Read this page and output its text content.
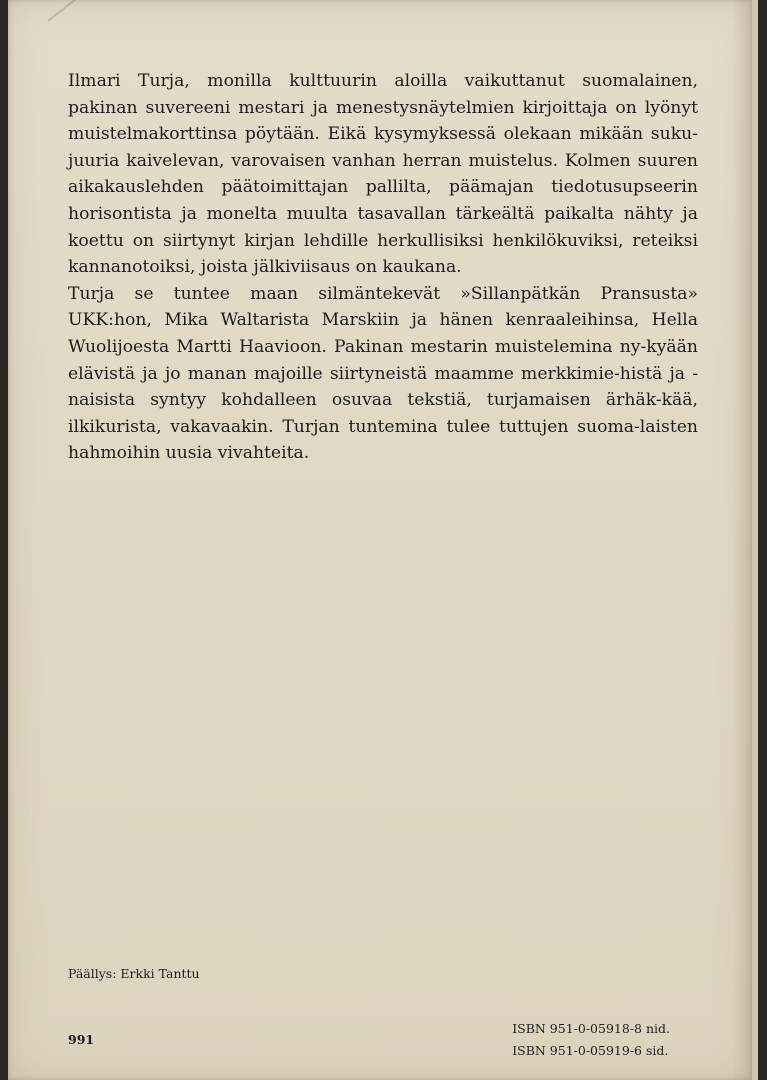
Ilmari Turja, monilla kulttuurin aloilla vaikuttanut suomalainen, pakinan suvereeni mestari ja menestysnäytelmien kirjoittaja on lyönyt muistelmakorttinsa pöytään. Eikä kysymyksessä olekaan mikään suku-juuria kaivelevan, varovaisen vanhan herran muistelus. Kolmen suuren aikakauslehden päätoimittajan pallilta, päämajan tiedotusupseerin horisontista ja monelta muulta tasavallan tärkeältä paikalta nähty ja koettu on siirtynyt kirjan lehdille herkullisiksi henkilökuviksi, reteiksi kannanotoiksi, joista jälkiviisaus on kaukana.

Turja se tuntee maan silmäntekevät »Sillanpätkän Pransusta» UKK:hon, Mika Waltarista Marskiin ja hänen kenraaleihinsa, Hella Wuolijoesta Martti Haavioon. Pakinan mestarin muistelemina ny-kyään elävistä ja jo manan majoille siirtyneistä maamme merkkimie-histä ja -naisista syntyy kohdalleen osuvaa tekstiä, turjamaisen ärhäk-kää, ilkikurista, vakavaakin. Turjan tuntemina tulee tuttujen suoma-laisten hahmoihin uusia vivahteita.

Päällys: Erkki Tanttu
991
ISBN 951-0-05918-8 nid.
ISBN 951-0-05919-6 sid.
